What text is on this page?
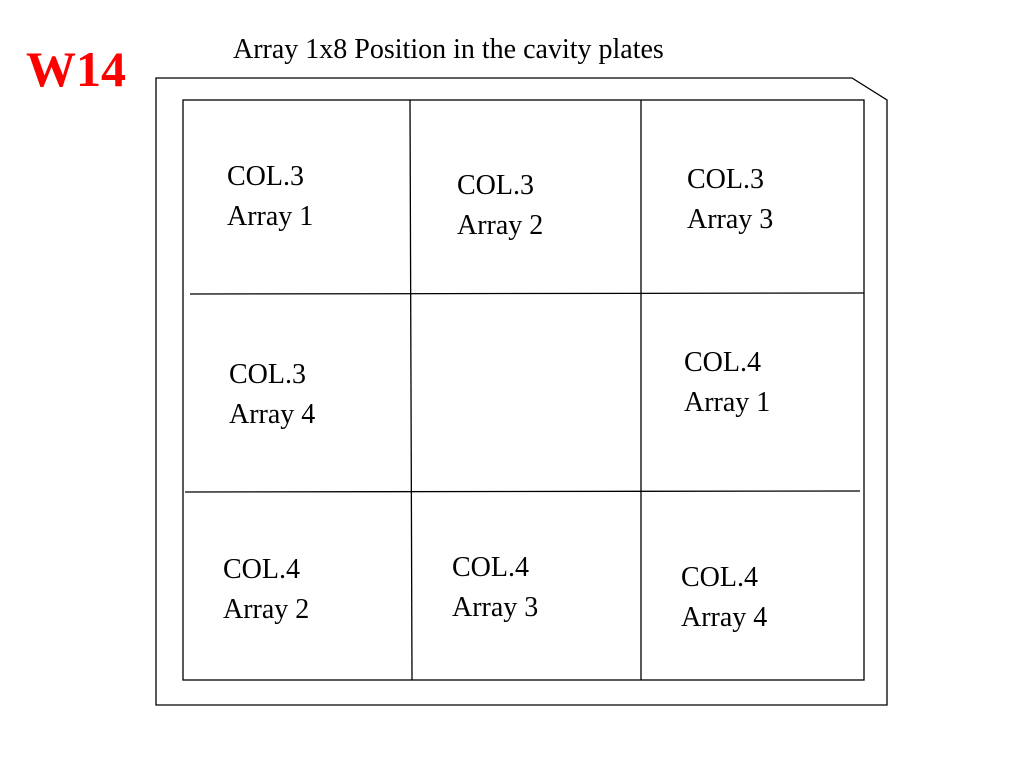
W14	Array 1x8 Position in the cavity plates
COL.3
Array 1
COL.3
Array 2
COL.3
Array 3
COL.3
Array 4
COL.4
Array 1
COL.4
Array 2
COL.4
Array 3
COL.4
Array 4
